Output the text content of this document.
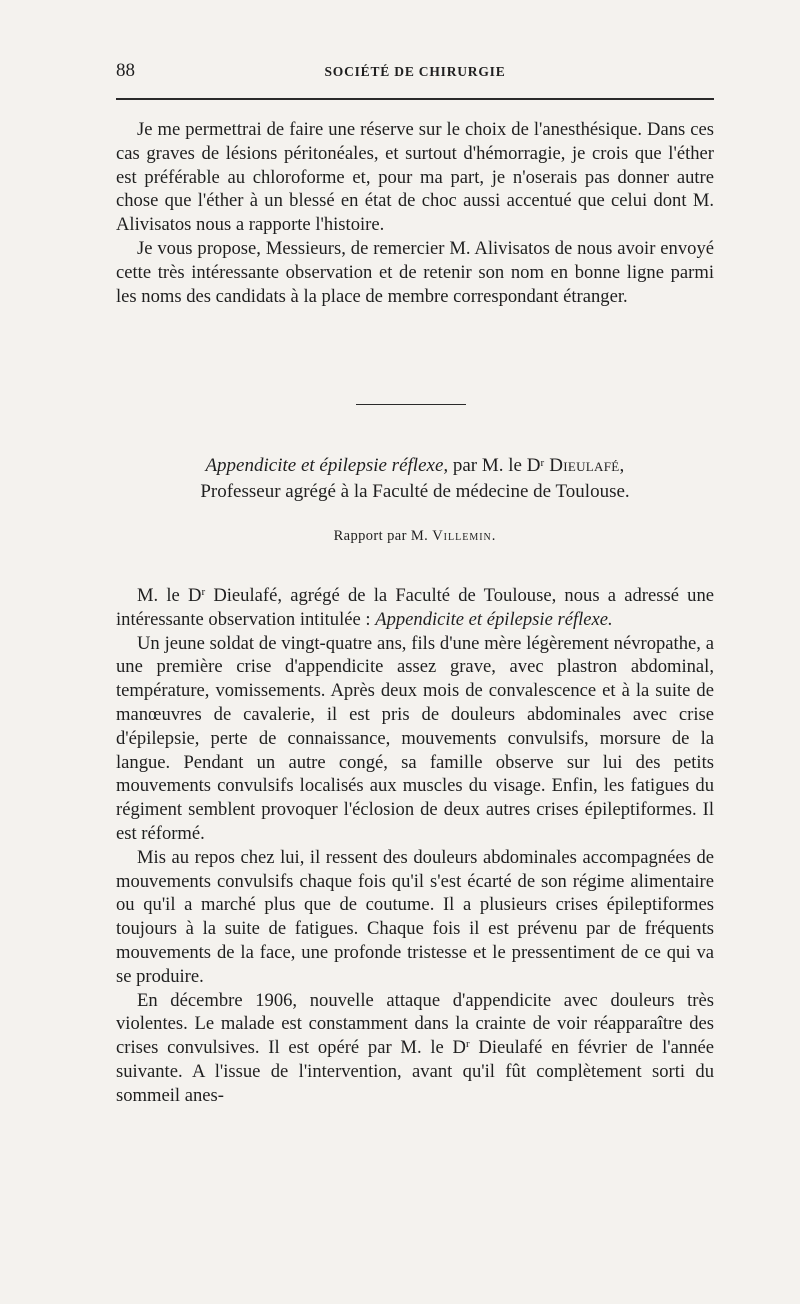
88	SOCIÉTÉ DE CHIRURGIE

Je me permettrai de faire une réserve sur le choix de l'anesthésique. Dans ces cas graves de lésions péritonéales, et surtout d'hémorragie, je crois que l'éther est préférable au chloroforme et, pour ma part, je n'oserais pas donner autre chose que l'éther à un blessé en état de choc aussi accentué que celui dont M. Alivisatos nous a rapporte l'histoire.

Je vous propose, Messieurs, de remercier M. Alivisatos de nous avoir envoyé cette très intéressante observation et de retenir son nom en bonne ligne parmi les noms des candidats à la place de membre correspondant étranger.

Appendicite et épilepsie réflexe, par M. le $D^r$ Dieulafé,
Professeur agrégé à la Faculté de médecine de Toulouse.
Rapport par M. Villemin.

M. le $D^r$ Dieulafé, agrégé de la Faculté de Toulouse, nous a adressé une intéressante observation intitulée : Appendicite et épilepsie réflexe.

Un jeune soldat de vingt-quatre ans, fils d'une mère légèrement névropathe, a une première crise d'appendicite assez grave, avec plastron abdominal, température, vomissements. Après deux mois de convalescence et à la suite de manœuvres de cavalerie, il est pris de douleurs abdominales avec crise d'épilepsie, perte de connaissance, mouvements convulsifs, morsure de la langue. Pendant un autre congé, sa famille observe sur lui des petits mouvements convulsifs localisés aux muscles du visage. Enfin, les fatigues du régiment semblent provoquer l'éclosion de deux autres crises épileptiformes. Il est réformé.

Mis au repos chez lui, il ressent des douleurs abdominales accompagnées de mouvements convulsifs chaque fois qu'il s'est écarté de son régime alimentaire ou qu'il a marché plus que de coutume. Il a plusieurs crises épileptiformes toujours à la suite de fatigues. Chaque fois il est prévenu par de fréquents mouvements de la face, une profonde tristesse et le pressentiment de ce qui va se produire.

En décembre 1906, nouvelle attaque d'appendicite avec douleurs très violentes. Le malade est constamment dans la crainte de voir réapparaître des crises convulsives. Il est opéré par M. le $D^r$ Dieulafé en février de l'année suivante. A l'issue de l'intervention, avant qu'il fût complètement sorti du sommeil anes-
